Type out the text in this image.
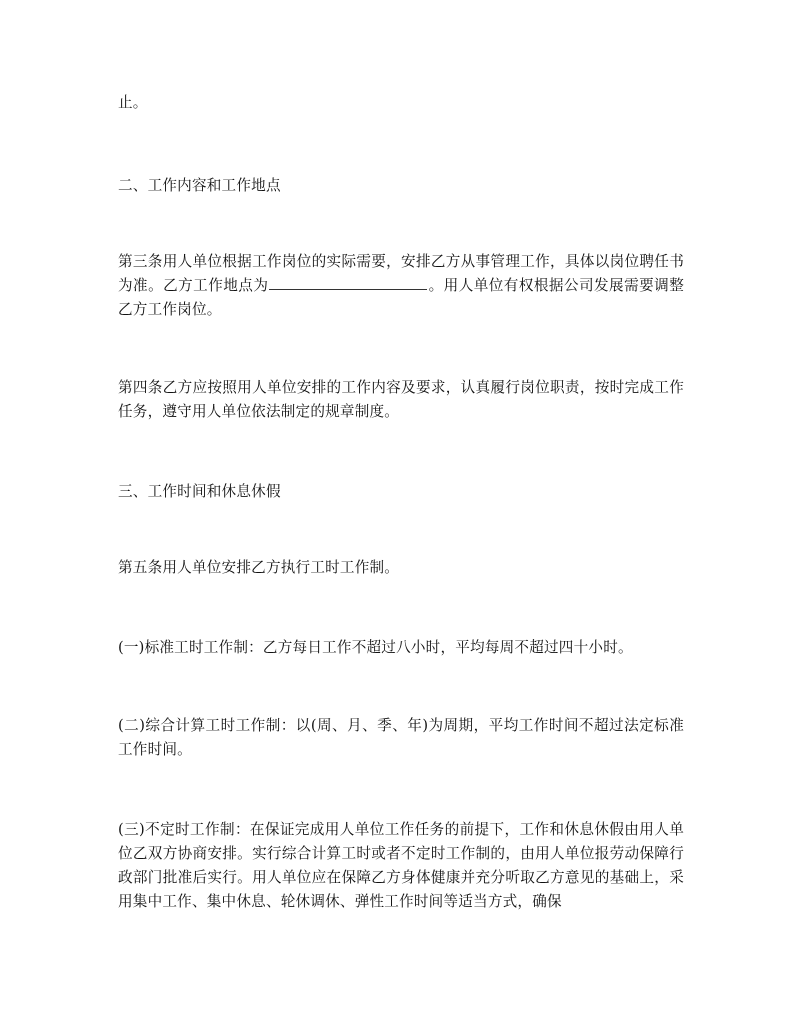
止。

二、工作内容和工作地点

第三条用人单位根据工作岗位的实际需要，安排乙方从事管理工作，具体以岗位聘任书为准。乙方工作地点为	。用人单位有权根据公司发展需要调整乙方工作岗位。

第四条乙方应按照用人单位安排的工作内容及要求，认真履行岗位职责，按时完成工作任务，遵守用人单位依法制定的规章制度。

三、工作时间和休息休假

第五条用人单位安排乙方执行工时工作制。

(一)标准工时工作制：乙方每日工作不超过八小时，平均每周不超过四十小时。

(二)综合计算工时工作制：以(周、月、季、年)为周期，平均工作时间不超过法定标准工作时间。

(三)不定时工作制：在保证完成用人单位工作任务的前提下，工作和休息休假由用人单位乙双方协商安排。实行综合计算工时或者不定时工作制的，由用人单位报劳动保障行政部门批准后实行。用人单位应在保障乙方身体健康并充分听取乙方意见的基础上，采用集中工作、集中休息、轮休调休、弹性工作时间等适当方式，确保
